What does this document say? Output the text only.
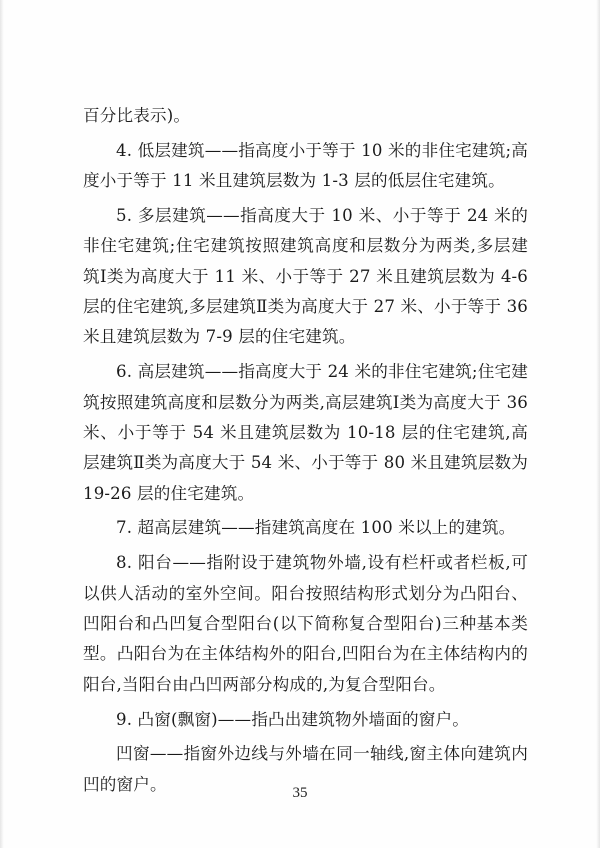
百分比表示)。

4. 低层建筑——指高度小于等于 10 米的非住宅建筑;高度小于等于 11 米且建筑层数为 1-3 层的低层住宅建筑。

5. 多层建筑——指高度大于 10 米、小于等于 24 米的非住宅建筑;住宅建筑按照建筑高度和层数分为两类,多层建筑Ⅰ类为高度大于 11 米、小于等于 27 米且建筑层数为 4-6 层的住宅建筑,多层建筑Ⅱ类为高度大于 27 米、小于等于 36 米且建筑层数为 7-9 层的住宅建筑。

6. 高层建筑——指高度大于 24 米的非住宅建筑;住宅建筑按照建筑高度和层数分为两类,高层建筑Ⅰ类为高度大于 36 米、小于等于 54 米且建筑层数为 10-18 层的住宅建筑,高层建筑Ⅱ类为高度大于 54 米、小于等于 80 米且建筑层数为 19-26 层的住宅建筑。

7. 超高层建筑——指建筑高度在 100 米以上的建筑。

8. 阳台——指附设于建筑物外墙,设有栏杆或者栏板,可以供人活动的室外空间。阳台按照结构形式划分为凸阳台、凹阳台和凸凹复合型阳台(以下简称复合型阳台)三种基本类型。凸阳台为在主体结构外的阳台,凹阳台为在主体结构内的阳台,当阳台由凸凹两部分构成的,为复合型阳台。

9. 凸窗(飘窗)——指凸出建筑物外墙面的窗户。

凹窗——指窗外边线与外墙在同一轴线,窗主体向建筑内凹的窗户。	35
